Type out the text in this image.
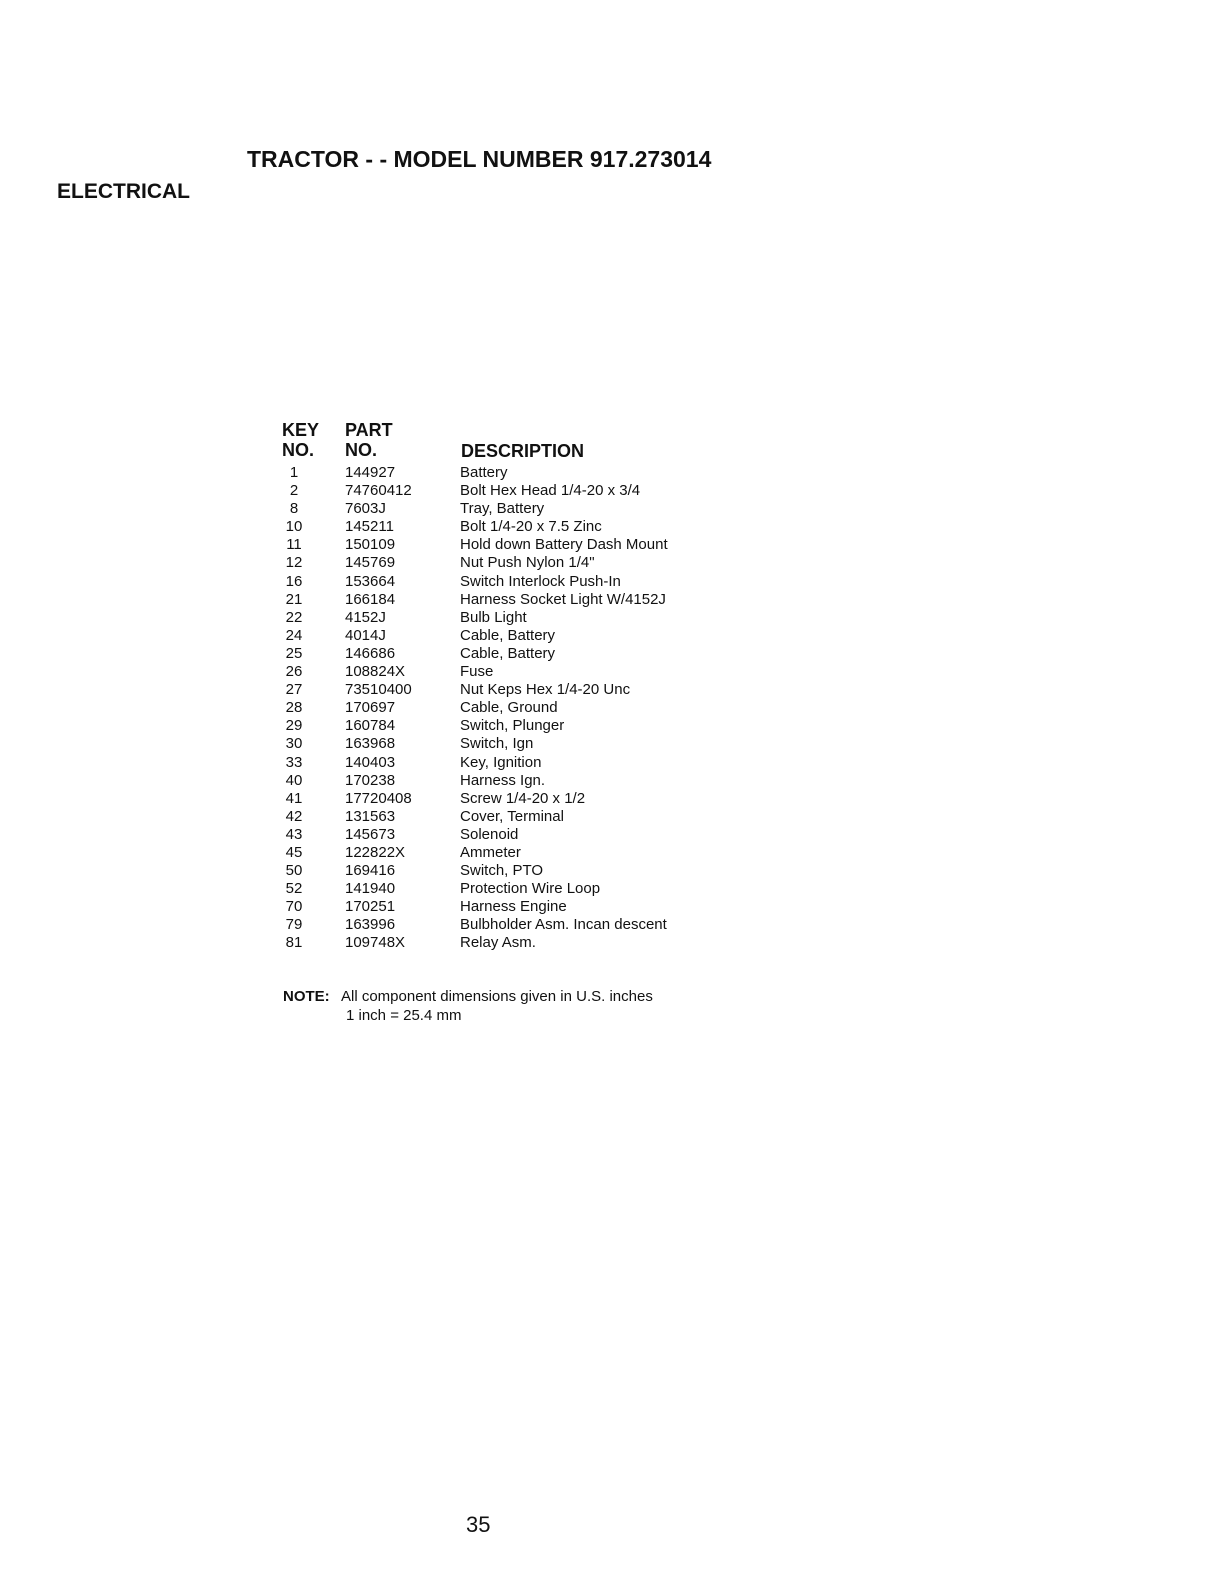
TRACTOR - - MODEL NUMBER 917.273014
ELECTRICAL
KEY
NO.
PART
NO.	DESCRIPTION
1	144927	Battery
2	74760412	Bolt Hex Head 1/4-20 x 3/4
8	7603J	Tray, Battery
10	145211	Bolt 1/4-20 x 7.5 Zinc
11	150109	Hold down Battery Dash Mount
12	145769	Nut Push Nylon 1/4"
16	153664	Switch Interlock Push-In
21	166184	Harness Socket Light W/4152J
22	4152J	Bulb Light
24	4014J	Cable, Battery
25	146686	Cable, Battery
26	108824X	Fuse
27	73510400	Nut Keps Hex 1/4-20 Unc
28	170697	Cable, Ground
29	160784	Switch, Plunger
30	163968	Switch, Ign
33	140403	Key, Ignition
40	170238	Harness Ign.
41	17720408	Screw 1/4-20 x 1/2
42	131563	Cover, Terminal
43	145673	Solenoid
45	122822X	Ammeter
50	169416	Switch, PTO
52	141940	Protection Wire Loop
70	170251	Harness Engine
79	163996	Bulbholder Asm. Incan descent
81	109748X	Relay Asm.
NOTE: All component dimensions given in U.S. inches
1 inch = 25.4 mm
35
